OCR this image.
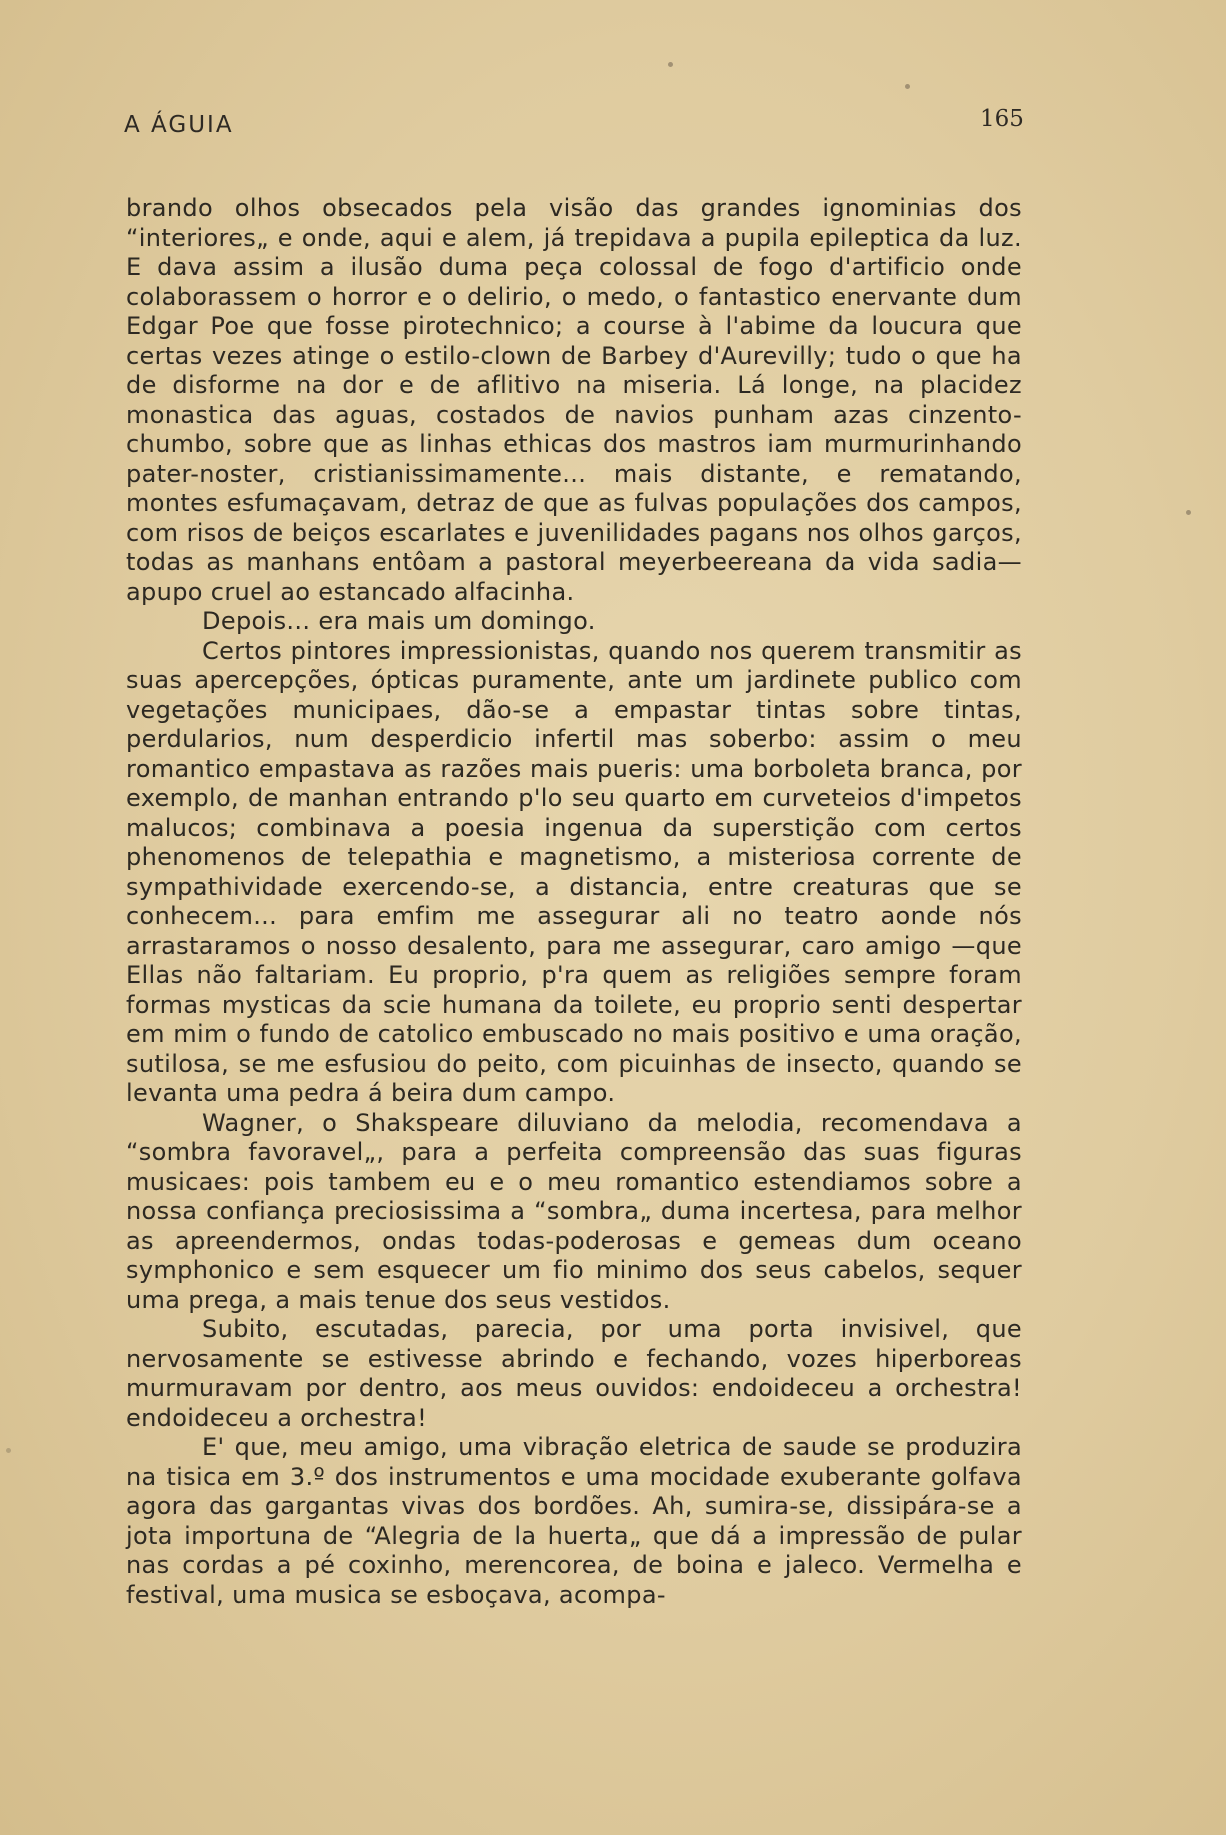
A ÁGUIA	165

brando olhos obsecados pela visão das grandes ignominias dos “interiores„ e onde, aqui e alem, já trepidava a pupila epileptica da luz. E dava assim a ilusão duma peça colossal de fogo d'artificio onde colaborassem o horror e o delirio, o medo, o fantastico enervante dum Edgar Poe que fosse pirotechnico; a course à l'abime da loucura que certas vezes atinge o estilo-clown de Barbey d'Aurevilly; tudo o que ha de disforme na dor e de aflitivo na miseria. Lá longe, na placidez monastica das aguas, costados de navios punham azas cinzento-chumbo, sobre que as linhas ethicas dos mastros iam murmurinhando pater-noster, cristianissimamente... mais distante, e rematando, montes esfumaçavam, detraz de que as fulvas populações dos campos, com risos de beiços escarlates e juvenilidades pagans nos olhos garços, todas as manhans entôam a pastoral meyerbeereana da vida sadia—apupo cruel ao estancado alfacinha.

Depois... era mais um domingo.

Certos pintores impressionistas, quando nos querem transmitir as suas apercepções, ópticas puramente, ante um jardinete publico com vegetações municipaes, dão-se a empastar tintas sobre tintas, perdularios, num desperdicio infertil mas soberbo: assim o meu romantico empastava as razões mais pueris: uma borboleta branca, por exemplo, de manhan entrando p'lo seu quarto em curveteios d'impetos malucos; combinava a poesia ingenua da superstição com certos phenomenos de telepathia e magnetismo, a misteriosa corrente de sympathividade exercendo-se, a distancia, entre creaturas que se conhecem... para emfim me assegurar ali no teatro aonde nós arrastaramos o nosso desalento, para me assegurar, caro amigo —que Ellas não faltariam. Eu proprio, p'ra quem as religiões sempre foram formas mysticas da scie humana da toilete, eu proprio senti despertar em mim o fundo de catolico embuscado no mais positivo e uma oração, sutilosa, se me esfusiou do peito, com picuinhas de insecto, quando se levanta uma pedra á beira dum campo.

Wagner, o Shakspeare diluviano da melodia, recomendava a “sombra favoravel„, para a perfeita compreensão das suas figuras musicaes: pois tambem eu e o meu romantico estendiamos sobre a nossa confiança preciosissima a “sombra„ duma incertesa, para melhor as apreendermos, ondas todas-poderosas e gemeas dum oceano symphonico e sem esquecer um fio minimo dos seus cabelos, sequer uma prega, a mais tenue dos seus vestidos.

Subito, escutadas, parecia, por uma porta invisivel, que nervosamente se estivesse abrindo e fechando, vozes hiperboreas murmuravam por dentro, aos meus ouvidos: endoideceu a orchestra! endoideceu a orchestra!

E' que, meu amigo, uma vibração eletrica de saude se produzira na tisica em 3.º dos instrumentos e uma mocidade exuberante golfava agora das gargantas vivas dos bordões. Ah, sumira-se, dissipára-se a jota importuna de “Alegria de la huerta„ que dá a impressão de pular nas cordas a pé coxinho, merencorea, de boina e jaleco. Vermelha e festival, uma musica se esboçava, acompa-
